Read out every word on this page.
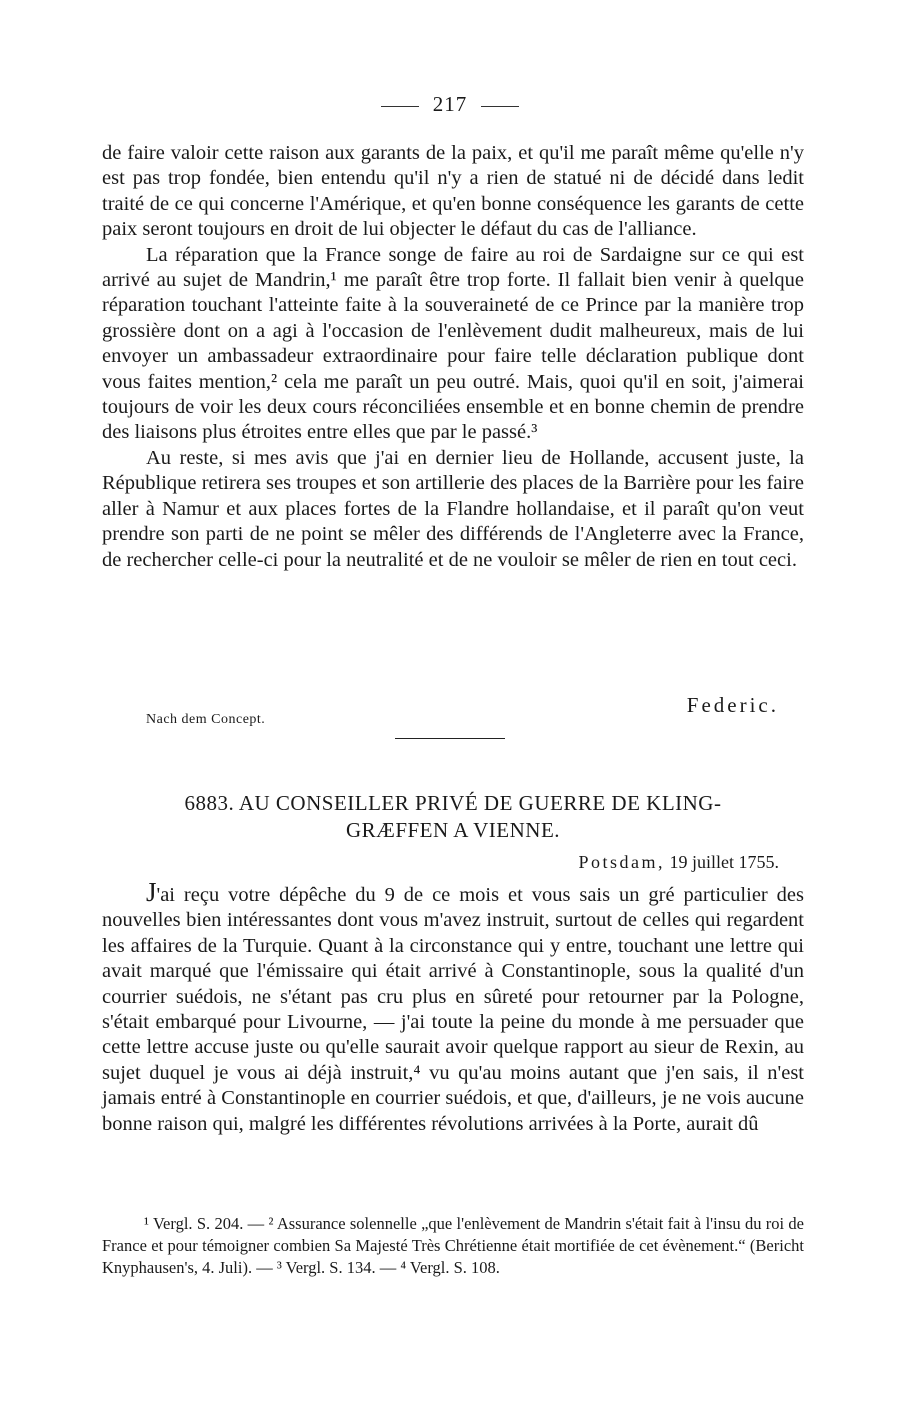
217

de faire valoir cette raison aux garants de la paix, et qu'il me paraît même qu'elle n'y est pas trop fondée, bien entendu qu'il n'y a rien de statué ni de décidé dans ledit traité de ce qui concerne l'Amérique, et qu'en bonne conséquence les garants de cette paix seront toujours en droit de lui objecter le défaut du cas de l'alliance.

La réparation que la France songe de faire au roi de Sardaigne sur ce qui est arrivé au sujet de Mandrin,¹ me paraît être trop forte. Il fallait bien venir à quelque réparation touchant l'atteinte faite à la souveraineté de ce Prince par la manière trop grossière dont on a agi à l'occasion de l'enlèvement dudit malheureux, mais de lui envoyer un ambassadeur extraordinaire pour faire telle déclaration publique dont vous faites mention,² cela me paraît un peu outré. Mais, quoi qu'il en soit, j'aimerai toujours de voir les deux cours réconciliées ensemble et en bonne chemin de prendre des liaisons plus étroites entre elles que par le passé.³

Au reste, si mes avis que j'ai en dernier lieu de Hollande, accusent juste, la République retirera ses troupes et son artillerie des places de la Barrière pour les faire aller à Namur et aux places fortes de la Flandre hollandaise, et il paraît qu'on veut prendre son parti de ne point se mêler des différends de l'Angleterre avec la France, de rechercher celle-ci pour la neutralité et de ne vouloir se mêler de rien en tout ceci.

Federic.
Nach dem Concept.
6883. AU CONSEILLER PRIVÉ DE GUERRE DE KLING-
GRÆFFEN A VIENNE.
Potsdam, 19 juillet 1755.

J'ai reçu votre dépêche du 9 de ce mois et vous sais un gré particulier des nouvelles bien intéressantes dont vous m'avez instruit, surtout de celles qui regardent les affaires de la Turquie. Quant à la circonstance qui y entre, touchant une lettre qui avait marqué que l'émissaire qui était arrivé à Constantinople, sous la qualité d'un courrier suédois, ne s'étant pas cru plus en sûreté pour retourner par la Pologne, s'était embarqué pour Livourne, — j'ai toute la peine du monde à me persuader que cette lettre accuse juste ou qu'elle saurait avoir quelque rapport au sieur de Rexin, au sujet duquel je vous ai déjà instruit,⁴ vu qu'au moins autant que j'en sais, il n'est jamais entré à Constantinople en courrier suédois, et que, d'ailleurs, je ne vois aucune bonne raison qui, malgré les différentes révolutions arrivées à la Porte, aurait dû

¹ Vergl. S. 204. — ² Assurance solennelle „que l'enlèvement de Mandrin s'était fait à l'insu du roi de France et pour témoigner combien Sa Majesté Très Chrétienne était mortifiée de cet évènement.“ (Bericht Knyphausen's, 4. Juli). — ³ Vergl. S. 134. — ⁴ Vergl. S. 108.
